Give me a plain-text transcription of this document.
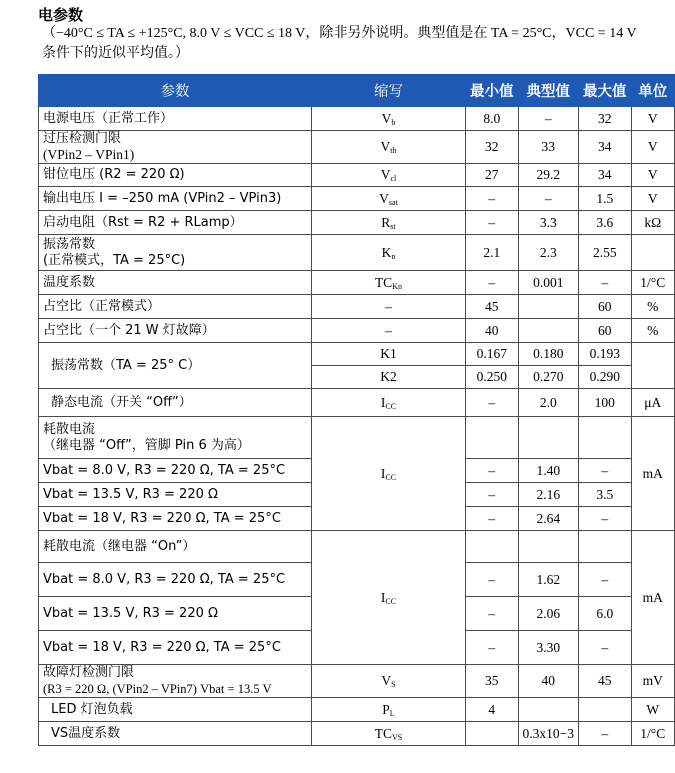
电参数
（−40°C ≤ TA ≤ +125°C, 8.0 V ≤ VCC ≤ 18 V，除非另外说明。典型值是在 TA = 25°C，VCC = 14 V 条件下的近似平均值。）
参数	缩写	最小值	典型值	最大值	单位
电源电压（正常工作）	$V_b$	8.0	–	32	V

过压检测门限
(VPin2 – VPin1)	$V_{th}$	32	33	34	V
钳位电压 (R2 = 220 Ω)	$V_{cl}$	27	29.2	34	V
输出电压 I = –250 mA (VPin2 – VPin3)	$V_{sat}$	–	–	1.5	V
启动电阻（Rst = R2 + RLamp）	$R_{st}$	–	3.3	3.6	kΩ

振荡常数
(正常模式，TA = 25°C)	$K_n$	2.1	2.3	2.55	
温度系数	$TC_{Kn}$	–	0.001	–	1/°C
占空比（正常模式）	–	45		60	%
占空比（一个 21 W 灯故障）	–	40		60	%
振荡常数（TA = 25° C）	K1	0.167	0.180	0.193	
	K2	0.250	0.270	0.290	
静态电流（开关 “Off”）	$I_{CC}$	–	2.0	100	μA

耗散电流
（继电器 “Off”，管脚 Pin 6 为高）	$I_{CC}$				mA
Vbat = 8.0 V, R3 = 220 Ω, TA = 25°C		–	1.40	–	
Vbat = 13.5 V, R3 = 220 Ω		–	2.16	3.5	
Vbat = 18 V, R3 = 220 Ω, TA = 25°C		–	2.64	–	
耗散电流（继电器 “On”）	$I_{CC}$				mA
Vbat = 8.0 V, R3 = 220 Ω, TA = 25°C		–	1.62	–	
Vbat = 13.5 V, R3 = 220 Ω		–	2.06	6.0	
Vbat = 18 V, R3 = 220 Ω, TA = 25°C		–	3.30	–	

故障灯检测门限
(R3 = 220 Ω, (VPin2 – VPin7) Vbat = 13.5 V	$V_S$	35	40	45	mV
LED 灯泡负载	$P_L$	4			W
VS温度系数	$TC_{VS}$		0.3x10−3	–	1/°C
